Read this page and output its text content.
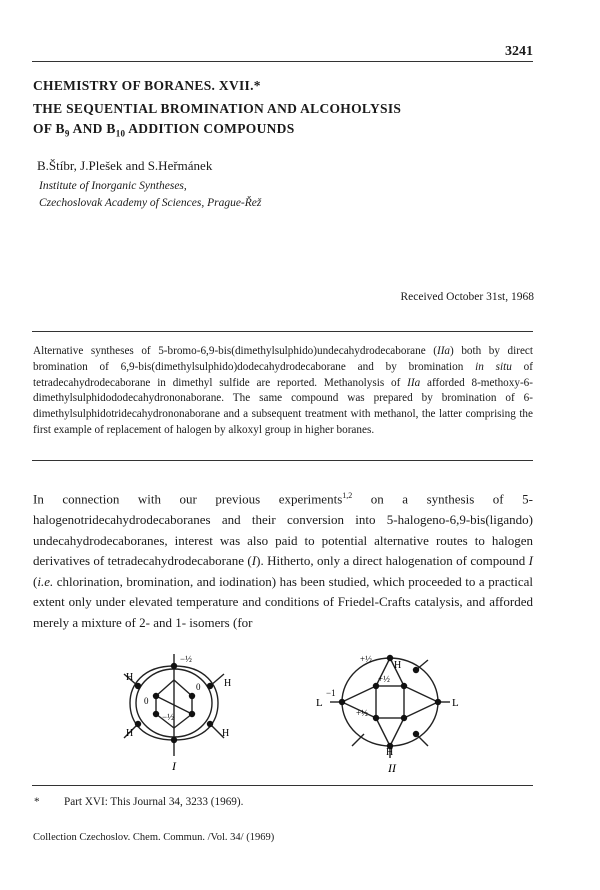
3241
CHEMISTRY OF BORANES. XVII.*
THE SEQUENTIAL BROMINATION AND ALCOHOLYSIS
OF $B_9$ AND $B_{10}$ ADDITION COMPOUNDS
B.Štíbr, J.Plešek and S.Heřmánek
Institute of Inorganic Syntheses,
Czechoslovak Academy of Sciences, Prague-Řež
Received October 31st, 1968
Alternative syntheses of 5-bromo-6,9-bis(dimethylsulphido)undecahydrodecaborane (IIa) both by direct bromination of 6,9-bis(dimethylsulphido)dodecahydrodecaborane and by bromination in situ of tetradecahydrodecaborane in dimethyl sulfide are reported. Methanolysis of IIa afforded 8-methoxy-6-dimethylsulphidododecahydrononaborane. The same compound was prepared by bromination of 6-dimethylsulphidotridecahydrononaborane and a subsequent treatment with methanol, the latter comprising the first example of replacement of halogen by alkoxyl group in higher boranes.
In connection with our previous experiments$^{1,2}$ on a synthesis of 5-halogenotridecahydrodecaboranes and their conversion into 5-halogeno-6,9-bis(ligando) undecahydrodecaboranes, interest was also paid to potential alternative routes to halogen derivatives of tetradecahydrodecaborane (I). Hitherto, only a direct halogenation of compound I (i.e. chlorination, bromination, and iodination) has been studied, which proceeded to a practical extent only under elevated temperature and conditions of Friedel-Crafts catalysis, and afforded merely a mixture of 2- and 1- isomers (for
−½
H
0
0
−½
H
H	H
I
+½
H
+½
−1
L
+½
L
H
II
* Part XVI: This Journal 34, 3233 (1969).
Collection Czechoslov. Chem. Commun. /Vol. 34/ (1969)
